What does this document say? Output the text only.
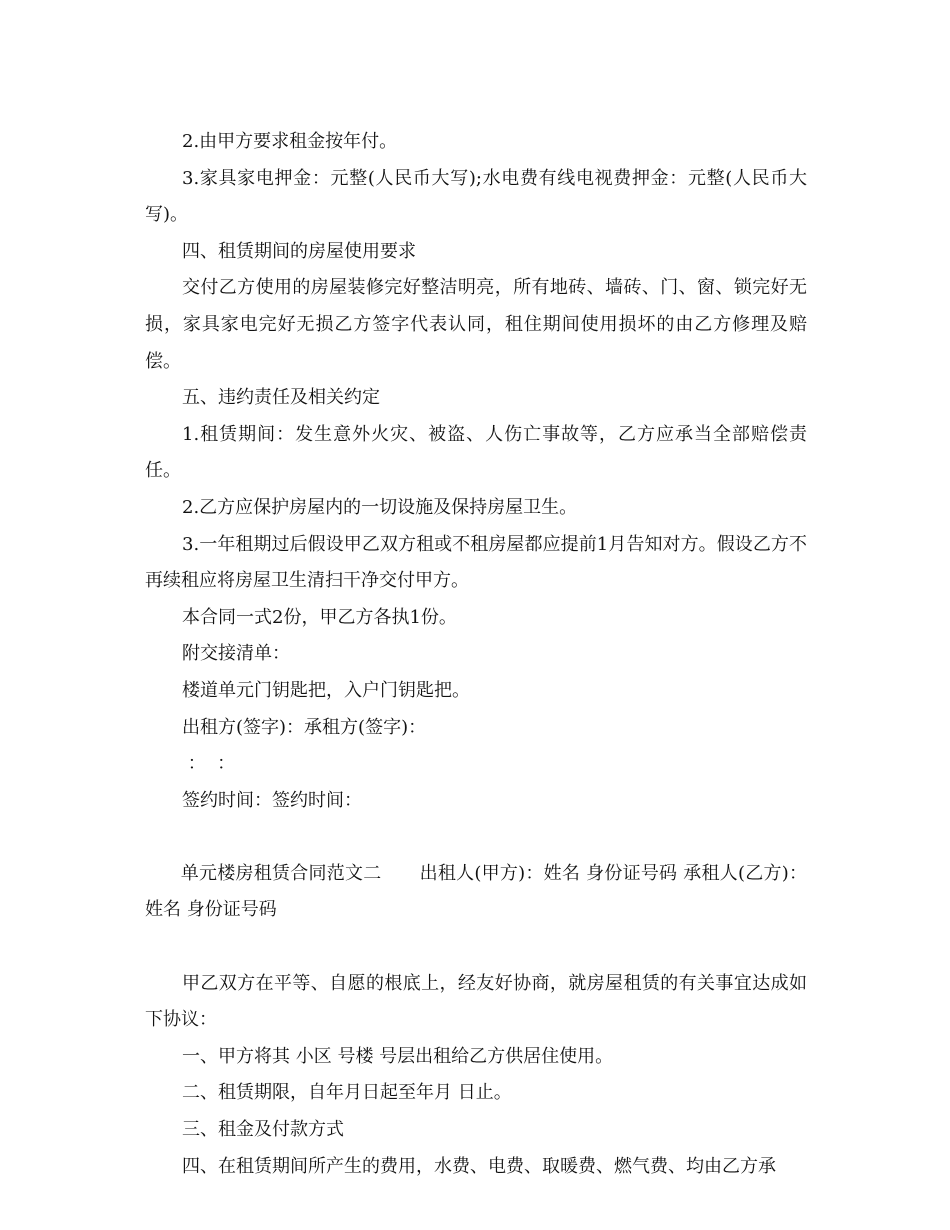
2.由甲方要求租金按年付。

3.家具家电押金：元整(人民币大写);水电费有线电视费押金：元整(人民币大写)。

四、租赁期间的房屋使用要求

交付乙方使用的房屋装修完好整洁明亮，所有地砖、墙砖、门、窗、锁完好无损，家具家电完好无损乙方签字代表认同，租住期间使用损坏的由乙方修理及赔偿。

五、违约责任及相关约定

1.租赁期间：发生意外火灾、被盗、人伤亡事故等，乙方应承当全部赔偿责任。

2.乙方应保护房屋内的一切设施及保持房屋卫生。

3.一年租期过后假设甲乙双方租或不租房屋都应提前1月告知对方。假设乙方不再续租应将房屋卫生清扫干净交付甲方。

本合同一式2份，甲乙方各执1份。

附交接清单：

楼道单元门钥匙把，入户门钥匙把。

出租方(签字)：承租方(签字)：

：  ：

签约时间：签约时间：

单元楼房租赁合同范文二 出租人(甲方)：姓名 身份证号码 承租人(乙方)：姓名 身份证号码

甲乙双方在平等、自愿的根底上，经友好协商，就房屋租赁的有关事宜达成如下协议：

一、甲方将其 小区 号楼 号层出租给乙方供居住使用。

二、租赁期限，自年月日起至年月 日止。

三、租金及付款方式

四、在租赁期间所产生的费用，水费、电费、取暖费、燃气费、均由乙方承
